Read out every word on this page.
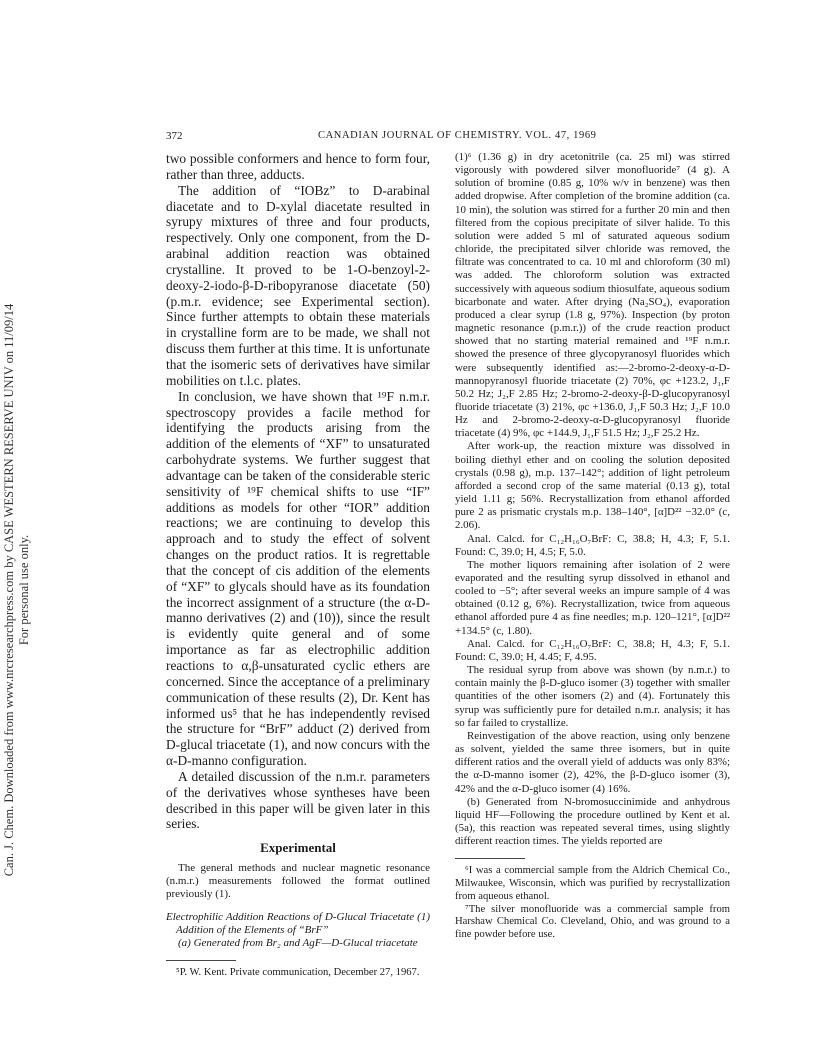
Can. J. Chem. Downloaded from www.nrcresearchpress.com by CASE WESTERN RESERVE UNIV on 11/09/14 For personal use only.
372	CANADIAN JOURNAL OF CHEMISTRY. VOL. 47, 1969

two possible conformers and hence to form four, rather than three, adducts.

The addition of “IOBz” to D-arabinal diacetate and to D-xylal diacetate resulted in syrupy mixtures of three and four products, respectively. Only one component, from the D-arabinal addition reaction was obtained crystalline. It proved to be 1-O-benzoyl-2-deoxy-2-iodo-β-D-ribopyranose diacetate (50) (p.m.r. evidence; see Experimental section). Since further attempts to obtain these materials in crystalline form are to be made, we shall not discuss them further at this time. It is unfortunate that the isomeric sets of derivatives have similar mobilities on t.l.c. plates.

In conclusion, we have shown that ¹⁹F n.m.r. spectroscopy provides a facile method for identifying the products arising from the addition of the elements of “XF” to unsaturated carbohydrate systems. We further suggest that advantage can be taken of the considerable steric sensitivity of ¹⁹F chemical shifts to use “IF” additions as models for other “IOR” addition reactions; we are continuing to develop this approach and to study the effect of solvent changes on the product ratios. It is regrettable that the concept of cis addition of the elements of “XF” to glycals should have as its foundation the incorrect assignment of a structure (the α-D-manno derivatives (2) and (10)), since the result is evidently quite general and of some importance as far as electrophilic addition reactions to α,β-unsaturated cyclic ethers are concerned. Since the acceptance of a preliminary communication of these results (2), Dr. Kent has informed us⁵ that he has independently revised the structure for “BrF” adduct (2) derived from D-glucal triacetate (1), and now concurs with the α-D-manno configuration.

A detailed discussion of the n.m.r. parameters of the derivatives whose syntheses have been described in this paper will be given later in this series.

Experimental

The general methods and nuclear magnetic resonance (n.m.r.) measurements followed the format outlined previously (1).

Electrophilic Addition Reactions of D-Glucal Triacetate (1) Addition of the Elements of “BrF”

(a) Generated from Br₂ and AgF—D-Glucal triacetate

⁵P. W. Kent. Private communication, December 27, 1967.

(1)⁶ (1.36 g) in dry acetonitrile (ca. 25 ml) was stirred vigorously with powdered silver monofluoride⁷ (4 g). A solution of bromine (0.85 g, 10% w/v in benzene) was then added dropwise. After completion of the bromine addition (ca. 10 min), the solution was stirred for a further 20 min and then filtered from the copious precipitate of silver halide. To this solution were added 5 ml of saturated aqueous sodium chloride, the precipitated silver chloride was removed, the filtrate was concentrated to ca. 10 ml and chloroform (30 ml) was added. The chloroform solution was extracted successively with aqueous sodium thiosulfate, aqueous sodium bicarbonate and water. After drying (Na₂SO₄), evaporation produced a clear syrup (1.8 g, 97%). Inspection (by proton magnetic resonance (p.m.r.)) of the crude reaction product showed that no starting material remained and ¹⁹F n.m.r. showed the presence of three glycopyranosyl fluorides which were subsequently identified as:—2-bromo-2-deoxy-α-D-mannopyranosyl fluoride triacetate (2) 70%, φc +123.2, J₁,F 50.2 Hz; J₂,F 2.85 Hz; 2-bromo-2-deoxy-β-D-glucopyranosyl fluoride triacetate (3) 21%, φc +136.0, J₁,F 50.3 Hz; J₂,F 10.0 Hz and 2-bromo-2-deoxy-α-D-glucopyranosyl fluoride triacetate (4) 9%, φc +144.9, J₁,F 51.5 Hz; J₂,F 25.2 Hz.

After work-up, the reaction mixture was dissolved in boiling diethyl ether and on cooling the solution deposited crystals (0.98 g), m.p. 137–142°; addition of light petroleum afforded a second crop of the same material (0.13 g), total yield 1.11 g; 56%. Recrystallization from ethanol afforded pure 2 as prismatic crystals m.p. 138–140°, [α]D²² −32.0° (c, 2.06).

Anal. Calcd. for C₁₂H₁₆O₇BrF: C, 38.8; H, 4.3; F, 5.1. Found: C, 39.0; H, 4.5; F, 5.0.

The mother liquors remaining after isolation of 2 were evaporated and the resulting syrup dissolved in ethanol and cooled to −5°; after several weeks an impure sample of 4 was obtained (0.12 g, 6%). Recrystallization, twice from aqueous ethanol afforded pure 4 as fine needles; m.p. 120–121°, [α]D²² +134.5° (c, 1.80).

Anal. Calcd. for C₁₂H₁₆O₇BrF: C, 38.8; H, 4.3; F, 5.1. Found: C, 39.0; H, 4.45; F, 4.95.

The residual syrup from above was shown (by n.m.r.) to contain mainly the β-D-gluco isomer (3) together with smaller quantities of the other isomers (2) and (4). Fortunately this syrup was sufficiently pure for detailed n.m.r. analysis; it has so far failed to crystallize.

Reinvestigation of the above reaction, using only benzene as solvent, yielded the same three isomers, but in quite different ratios and the overall yield of adducts was only 83%; the α-D-manno isomer (2), 42%, the β-D-gluco isomer (3), 42% and the α-D-gluco isomer (4) 16%.

(b) Generated from N-bromosuccinimide and anhydrous liquid HF—Following the procedure outlined by Kent et al. (5a), this reaction was repeated several times, using slightly different reaction times. The yields reported are

⁶I was a commercial sample from the Aldrich Chemical Co., Milwaukee, Wisconsin, which was purified by recrystallization from aqueous ethanol.

⁷The silver monofluoride was a commercial sample from Harshaw Chemical Co. Cleveland, Ohio, and was ground to a fine powder before use.
